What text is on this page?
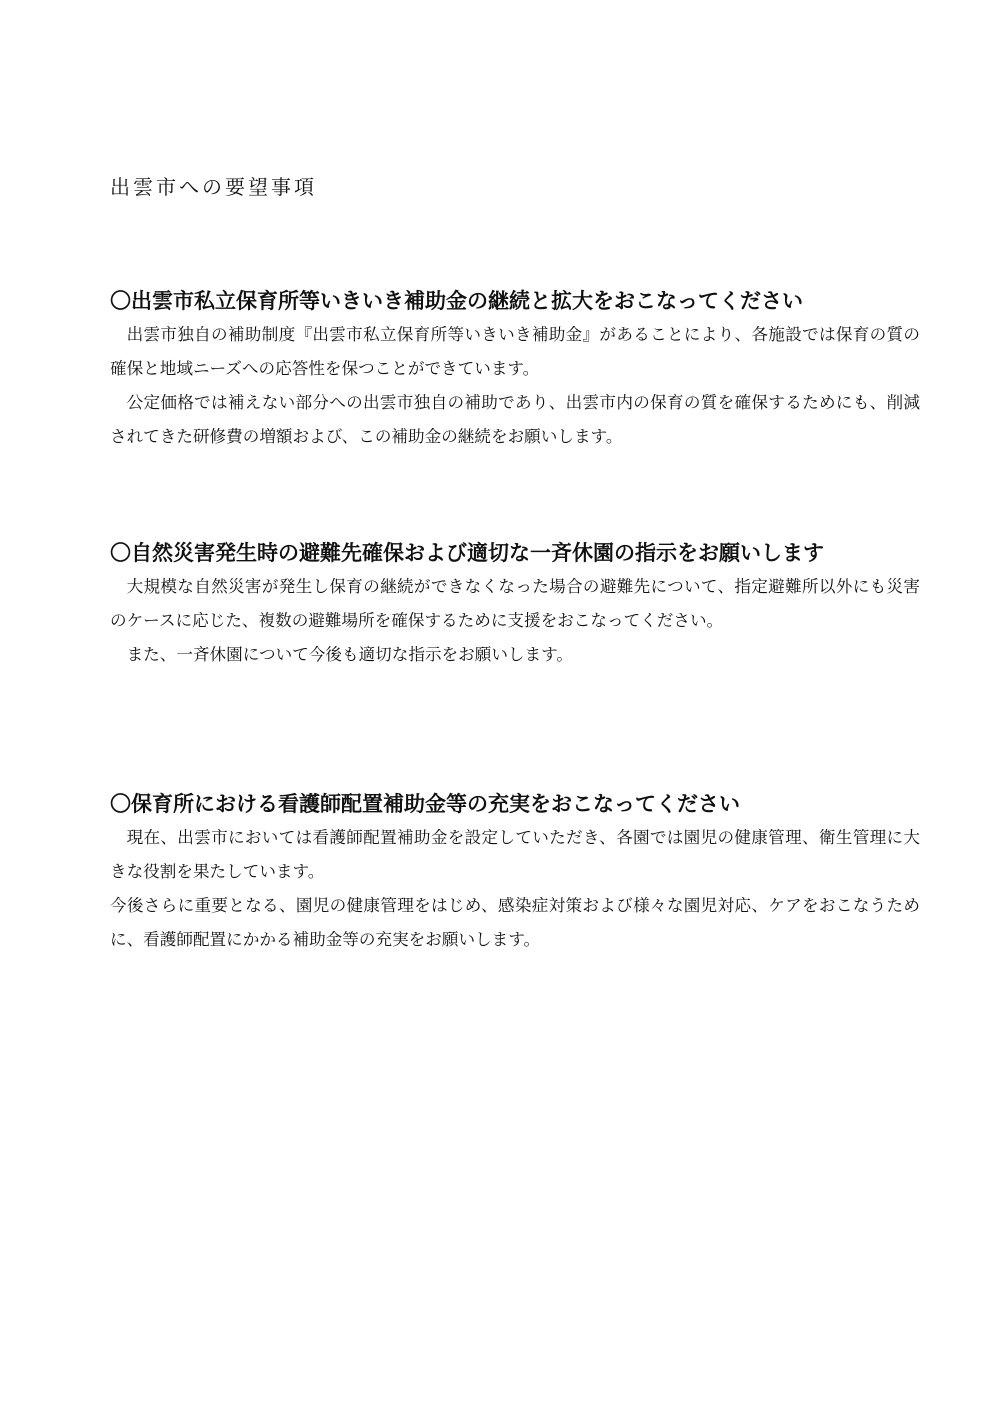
出雲市への要望事項
〇出雲市私立保育所等いきいき補助金の継続と拡大をおこなってください

出雲市独自の補助制度『出雲市私立保育所等いきいき補助金』があることにより、各施設では保育の質の確保と地域ニーズへの応答性を保つことができています。

公定価格では補えない部分への出雲市独自の補助であり、出雲市内の保育の質を確保するためにも、削減されてきた研修費の増額および、この補助金の継続をお願いします。

〇自然災害発生時の避難先確保および適切な一斉休園の指示をお願いします

大規模な自然災害が発生し保育の継続ができなくなった場合の避難先について、指定避難所以外にも災害のケースに応じた、複数の避難場所を確保するために支援をおこなってください。

また、一斉休園について今後も適切な指示をお願いします。

〇保育所における看護師配置補助金等の充実をおこなってください

現在、出雲市においては看護師配置補助金を設定していただき、各園では園児の健康管理、衛生管理に大きな役割を果たしています。

今後さらに重要となる、園児の健康管理をはじめ、感染症対策および様々な園児対応、ケアをおこなうために、看護師配置にかかる補助金等の充実をお願いします。
